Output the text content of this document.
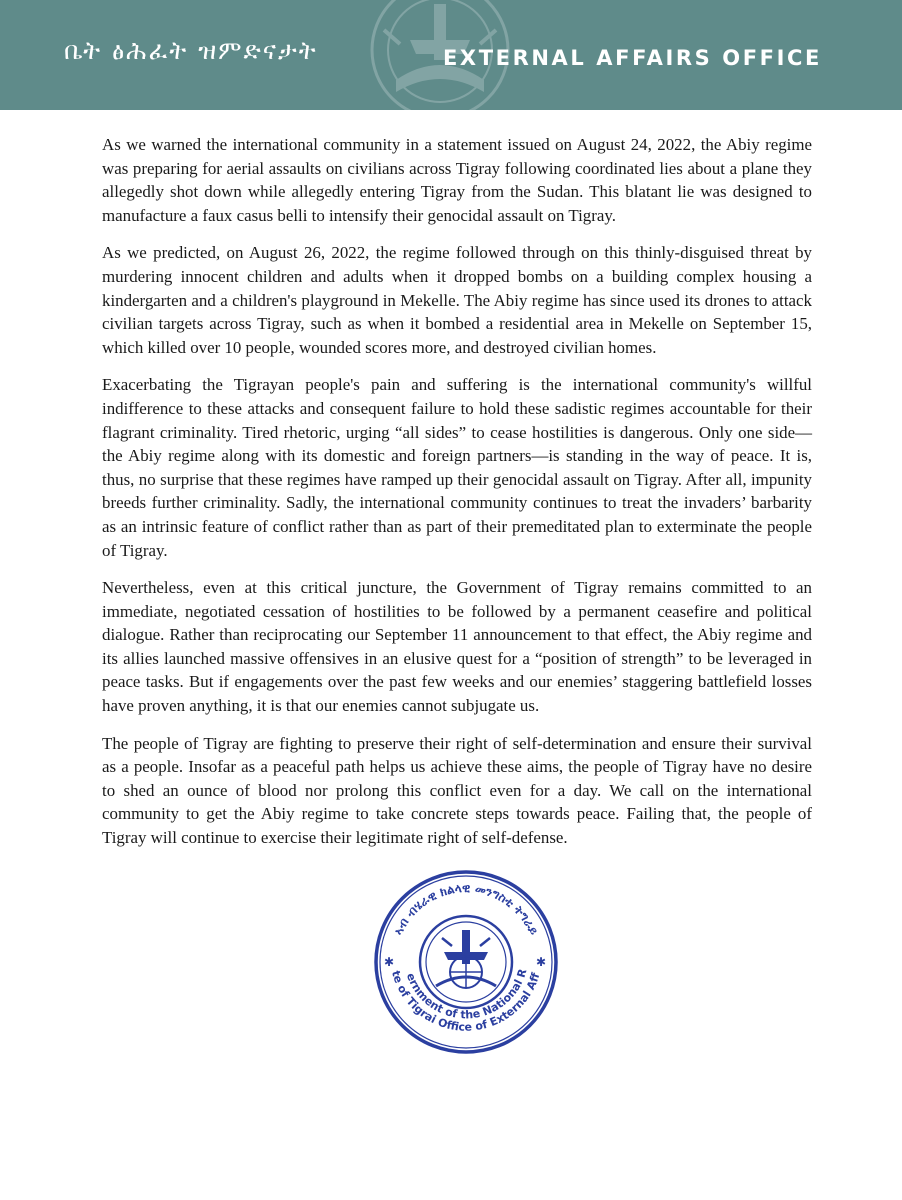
ቤት ፅሕፈት ዝምድናታት	EXTERNAL AFFAIRS OFFICE

As we warned the international community in a statement issued on August 24, 2022, the Abiy regime was preparing for aerial assaults on civilians across Tigray following coordinated lies about a plane they allegedly shot down while allegedly entering Tigray from the Sudan. This blatant lie was designed to manufacture a faux casus belli to intensify their genocidal assault on Tigray.

As we predicted, on August 26, 2022, the regime followed through on this thinly-disguised threat by murdering innocent children and adults when it dropped bombs on a building complex housing a kindergarten and a children's playground in Mekelle. The Abiy regime has since used its drones to attack civilian targets across Tigray, such as when it bombed a residential area in Mekelle on September 15, which killed over 10 people, wounded scores more, and destroyed civilian homes.

Exacerbating the Tigrayan people's pain and suffering is the international community's willful indifference to these attacks and consequent failure to hold these sadistic regimes accountable for their flagrant criminality. Tired rhetoric, urging “all sides” to cease hostilities is dangerous. Only one side—the Abiy regime along with its domestic and foreign partners—is standing in the way of peace. It is, thus, no surprise that these regimes have ramped up their genocidal assault on Tigray. After all, impunity breeds further criminality. Sadly, the international community continues to treat the invaders’ barbarity as an intrinsic feature of conflict rather than as part of their premeditated plan to exterminate the people of Tigray.

Nevertheless, even at this critical juncture, the Government of Tigray remains committed to an immediate, negotiated cessation of hostilities to be followed by a permanent ceasefire and political dialogue. Rather than reciprocating our September 11 announcement to that effect, the Abiy regime and its allies launched massive offensives in an elusive quest for a “position of strength” to be leveraged in peace tasks. But if engagements over the past few weeks and our enemies’ staggering battlefield losses have proven anything, it is that our enemies cannot subjugate us.

The people of Tigray are fighting to preserve their right of self-determination and ensure their survival as a people. Insofar as a peaceful path helps us achieve these aims, the people of Tigray have no desire to shed an ounce of blood nor prolong this conflict even for a day. We call on the international community to get the Abiy regime to take concrete steps towards peace. Failing that, the people of Tigray will continue to exercise their legitimate right of self-defense.

ኣብ ብሄራዊ ክልላዊ መንግስቲ ትግራይ
ernment of the National R
te of Tigrai Office of External Affairs
✱	✱
